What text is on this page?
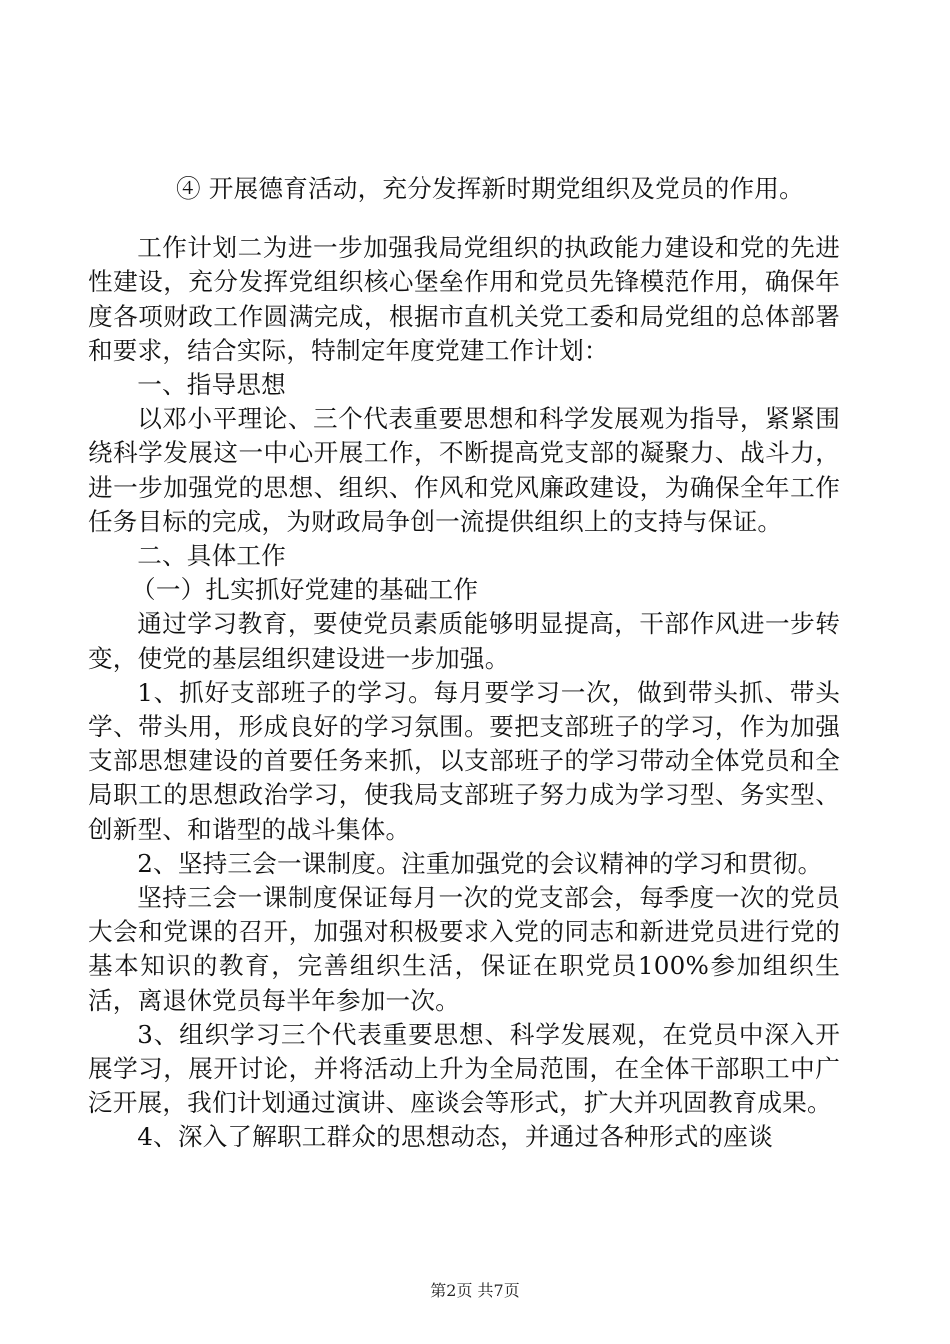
④ 开展德育活动，充分发挥新时期党组织及党员的作用。

工作计划二为进一步加强我局党组织的执政能力建设和党的先进性建设，充分发挥党组织核心堡垒作用和党员先锋模范作用，确保年度各项财政工作圆满完成，根据市直机关党工委和局党组的总体部署和要求，结合实际，特制定年度党建工作计划：

一、指导思想

以邓小平理论、三个代表重要思想和科学发展观为指导，紧紧围绕科学发展这一中心开展工作，不断提高党支部的凝聚力、战斗力，进一步加强党的思想、组织、作风和党风廉政建设，为确保全年工作任务目标的完成，为财政局争创一流提供组织上的支持与保证。

二、具体工作

（一）扎实抓好党建的基础工作

通过学习教育，要使党员素质能够明显提高，干部作风进一步转变，使党的基层组织建设进一步加强。

1、抓好支部班子的学习。每月要学习一次，做到带头抓、带头学、带头用，形成良好的学习氛围。要把支部班子的学习，作为加强支部思想建设的首要任务来抓，以支部班子的学习带动全体党员和全局职工的思想政治学习，使我局支部班子努力成为学习型、务实型、创新型、和谐型的战斗集体。

2、坚持三会一课制度。注重加强党的会议精神的学习和贯彻。

坚持三会一课制度保证每月一次的党支部会，每季度一次的党员大会和党课的召开，加强对积极要求入党的同志和新进党员进行党的基本知识的教育，完善组织生活，保证在职党员100%参加组织生活，离退休党员每半年参加一次。

3、组织学习三个代表重要思想、科学发展观，在党员中深入开展学习，展开讨论，并将活动上升为全局范围，在全体干部职工中广泛开展，我们计划通过演讲、座谈会等形式，扩大并巩固教育成果。

4、深入了解职工群众的思想动态，并通过各种形式的座谈

第2页 共7页
